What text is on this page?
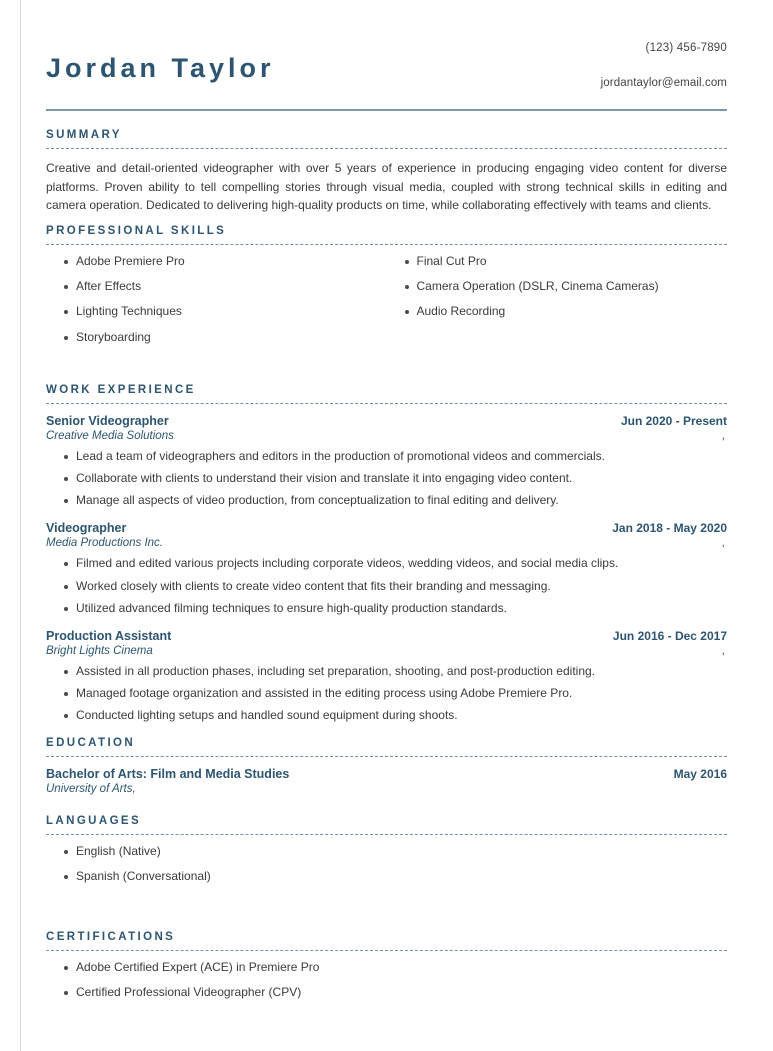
Jordan Taylor
(123) 456-7890
jordantaylor@email.com
SUMMARY

Creative and detail-oriented videographer with over 5 years of experience in producing engaging video content for diverse platforms. Proven ability to tell compelling stories through visual media, coupled with strong technical skills in editing and camera operation. Dedicated to delivering high-quality products on time, while collaborating effectively with teams and clients.

PROFESSIONAL SKILLS
Adobe Premiere Pro
After Effects
Lighting Techniques
Storyboarding
Final Cut Pro
Camera Operation (DSLR, Cinema Cameras)
Audio Recording
WORK EXPERIENCE
Senior Videographer	Jun 2020 - Present
Creative Media Solutions	,
Lead a team of videographers and editors in the production of promotional videos and commercials.
Collaborate with clients to understand their vision and translate it into engaging video content.
Manage all aspects of video production, from conceptualization to final editing and delivery.
Videographer	Jan 2018 - May 2020
Media Productions Inc.	,
Filmed and edited various projects including corporate videos, wedding videos, and social media clips.
Worked closely with clients to create video content that fits their branding and messaging.
Utilized advanced filming techniques to ensure high-quality production standards.
Production Assistant	Jun 2016 - Dec 2017
Bright Lights Cinema	,
Assisted in all production phases, including set preparation, shooting, and post-production editing.
Managed footage organization and assisted in the editing process using Adobe Premiere Pro.
Conducted lighting setups and handled sound equipment during shoots.
EDUCATION
Bachelor of Arts: Film and Media Studies	May 2016
University of Arts,
LANGUAGES
English (Native)
Spanish (Conversational)
CERTIFICATIONS
Adobe Certified Expert (ACE) in Premiere Pro
Certified Professional Videographer (CPV)
